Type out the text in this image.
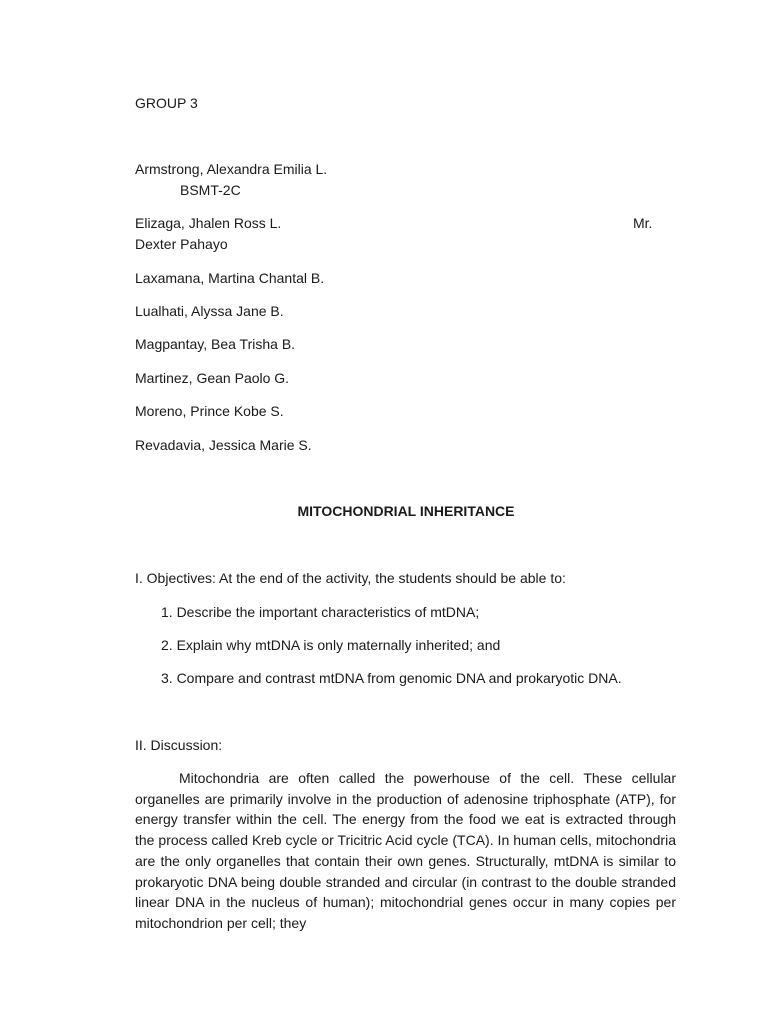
GROUP 3
Armstrong, Alexandra Emilia L.
BSMT-2C
Elizaga, Jhalen Ross L.	Mr.
Dexter Pahayo
Laxamana, Martina Chantal B.
Lualhati, Alyssa Jane B.
Magpantay, Bea Trisha B.
Martinez, Gean Paolo G.
Moreno, Prince Kobe S.
Revadavia, Jessica Marie S.
MITOCHONDRIAL INHERITANCE
I. Objectives: At the end of the activity, the students should be able to:
1. Describe the important characteristics of mtDNA;
2. Explain why mtDNA is only maternally inherited; and
3. Compare and contrast mtDNA from genomic DNA and prokaryotic DNA.
II. Discussion:

Mitochondria are often called the powerhouse of the cell. These cellular organelles are primarily involve in the production of adenosine triphosphate (ATP), for energy transfer within the cell. The energy from the food we eat is extracted through the process called Kreb cycle or Tricitric Acid cycle (TCA). In human cells, mitochondria are the only organelles that contain their own genes. Structurally, mtDNA is similar to prokaryotic DNA being double stranded and circular (in contrast to the double stranded linear DNA in the nucleus of human); mitochondrial genes occur in many copies per mitochondrion per cell; they
